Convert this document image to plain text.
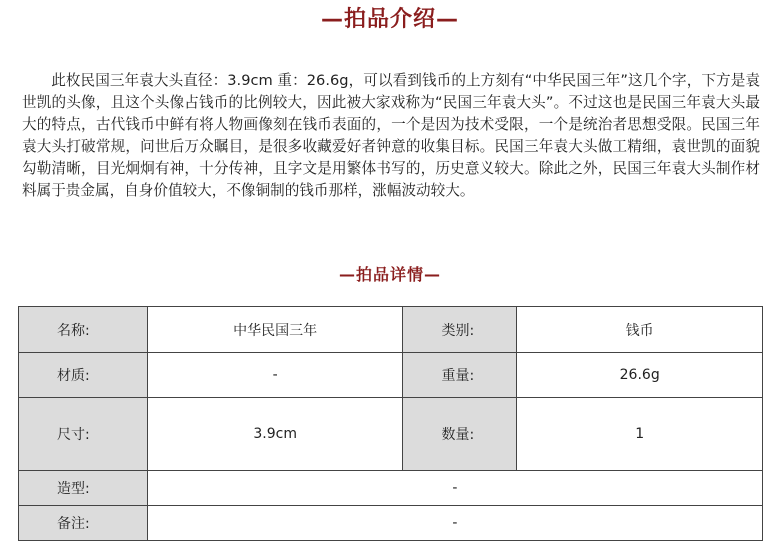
—拍品介绍—

此枚民国三年袁大头直径：3.9cm 重：26.6g，可以看到钱币的上方刻有“中华民国三年”这几个字，下方是袁世凯的头像，且这个头像占钱币的比例较大，因此被大家戏称为“民国三年袁大头”。不过这也是民国三年袁大头最大的特点，古代钱币中鲜有将人物画像刻在钱币表面的，一个是因为技术受限，一个是统治者思想受限。民国三年袁大头打破常规，问世后万众瞩目，是很多收藏爱好者钟意的收集目标。民国三年袁大头做工精细，袁世凯的面貌勾勒清晰，目光炯炯有神，十分传神，且字文是用繁体书写的，历史意义较大。除此之外，民国三年袁大头制作材料属于贵金属，自身价值较大，不像铜制的钱币那样，涨幅波动较大。

—拍品详情—
名称:	中华民国三年	类别:	钱币
材质:	-	重量:	26.6g
尺寸:	3.9cm	数量:	1
造型:	-		
备注:	-		
